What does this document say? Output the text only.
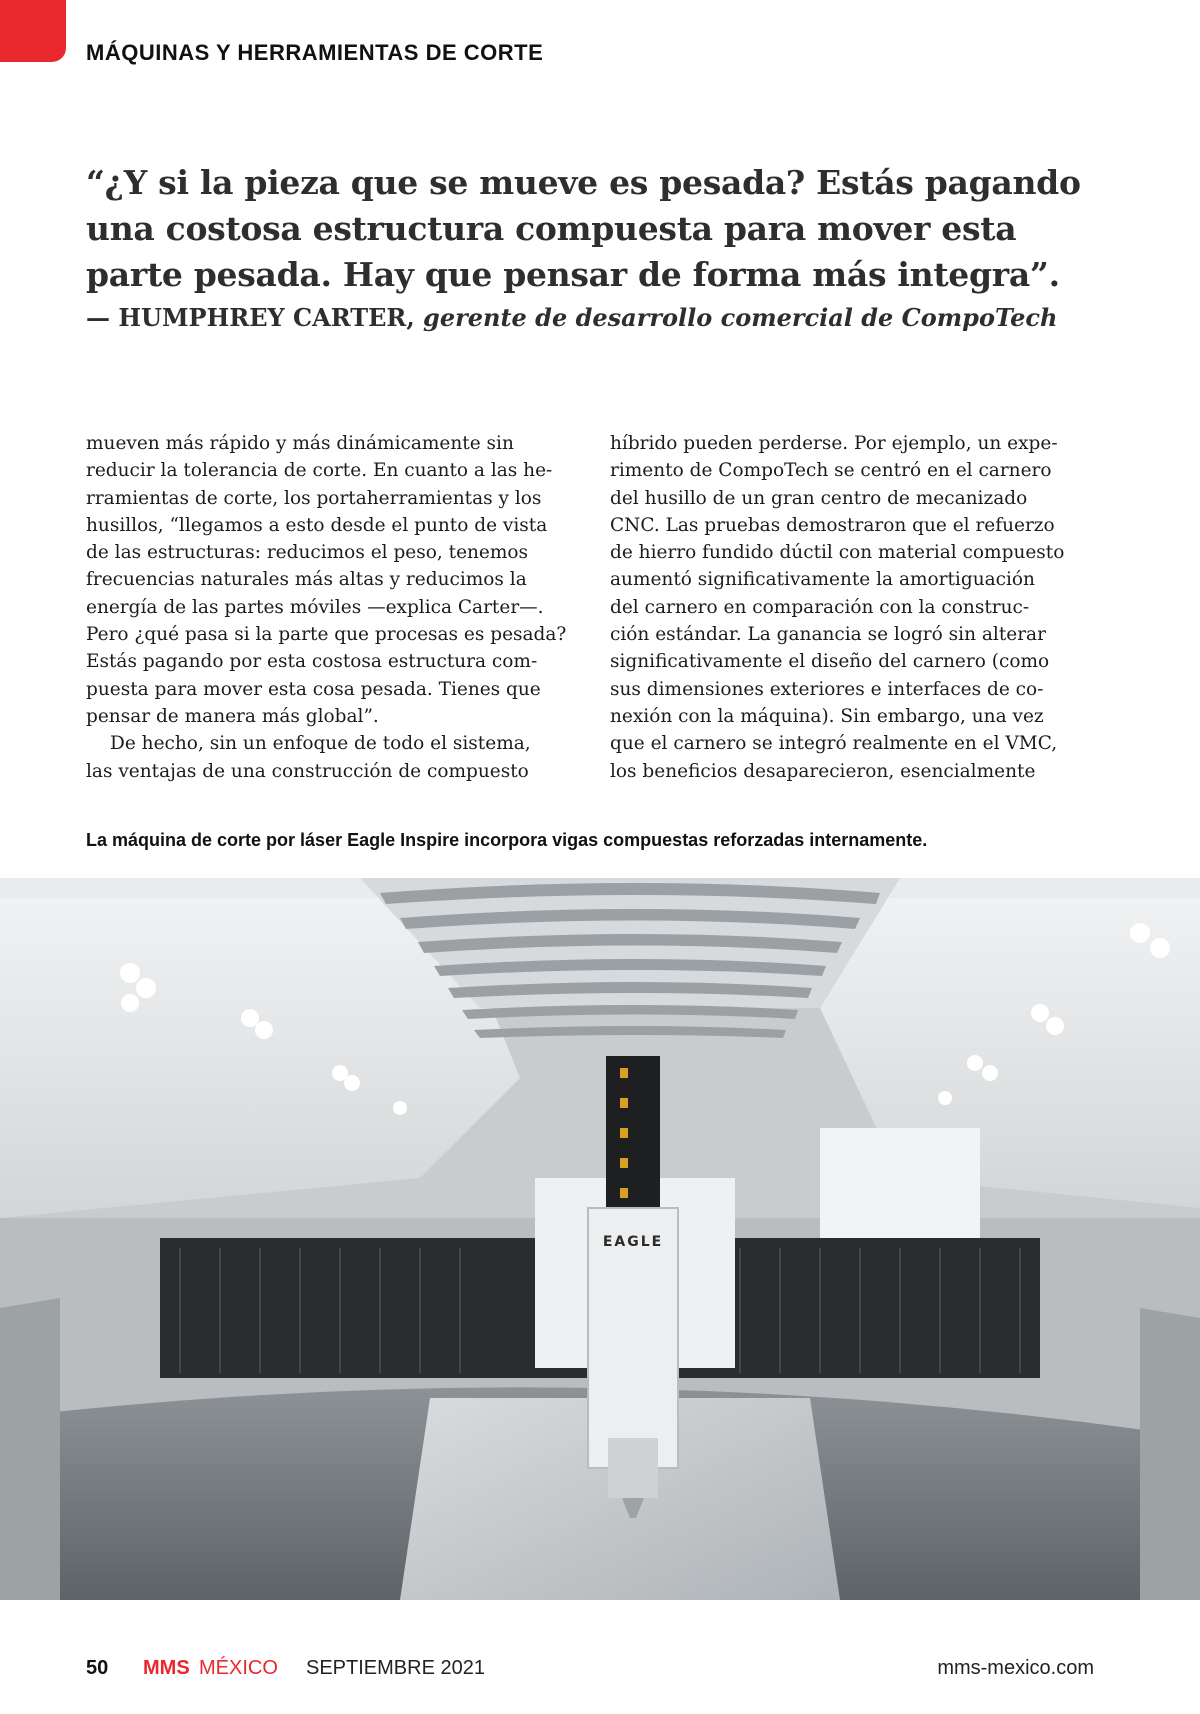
MÁQUINAS Y HERRAMIENTAS DE CORTE

“¿Y si la pieza que se mueve es pesada? Estás pagando
una costosa estructura compuesta para mover esta
parte pesada. Hay que pensar de forma más integra”.

— HUMPHREY CARTER, gerente de desarrollo comercial de CompoTech

mueven más rápido y más dinámicamente sin
reducir la tolerancia de corte. En cuanto a las he-
rramientas de corte, los portaherramientas y los
husillos, “llegamos a esto desde el punto de vista
de las estructuras: reducimos el peso, tenemos
frecuencias naturales más altas y reducimos la
energía de las partes móviles —explica Carter—.
Pero ¿qué pasa si la parte que procesas es pesada?
Estás pagando por esta costosa estructura com-
puesta para mover esta cosa pesada. Tienes que
pensar de manera más global”.

De hecho, sin un enfoque de todo el sistema,
las ventajas de una construcción de compuesto

híbrido pueden perderse. Por ejemplo, un expe-
rimento de CompoTech se centró en el carnero
del husillo de un gran centro de mecanizado
CNC. Las pruebas demostraron que el refuerzo
de hierro fundido dúctil con material compuesto
aumentó significativamente la amortiguación
del carnero en comparación con la construc-
ción estándar. La ganancia se logró sin alterar
significativamente el diseño del carnero (como
sus dimensiones exteriores e interfaces de co-
nexión con la máquina). Sin embargo, una vez
que el carnero se integró realmente en el VMC,
los beneficios desaparecieron, esencialmente

La máquina de corte por láser Eagle Inspire incorpora vigas compuestas reforzadas internamente.

EAGLE
50 MMS MÉXICO SEPTIEMBRE 2021	mms-mexico.com
